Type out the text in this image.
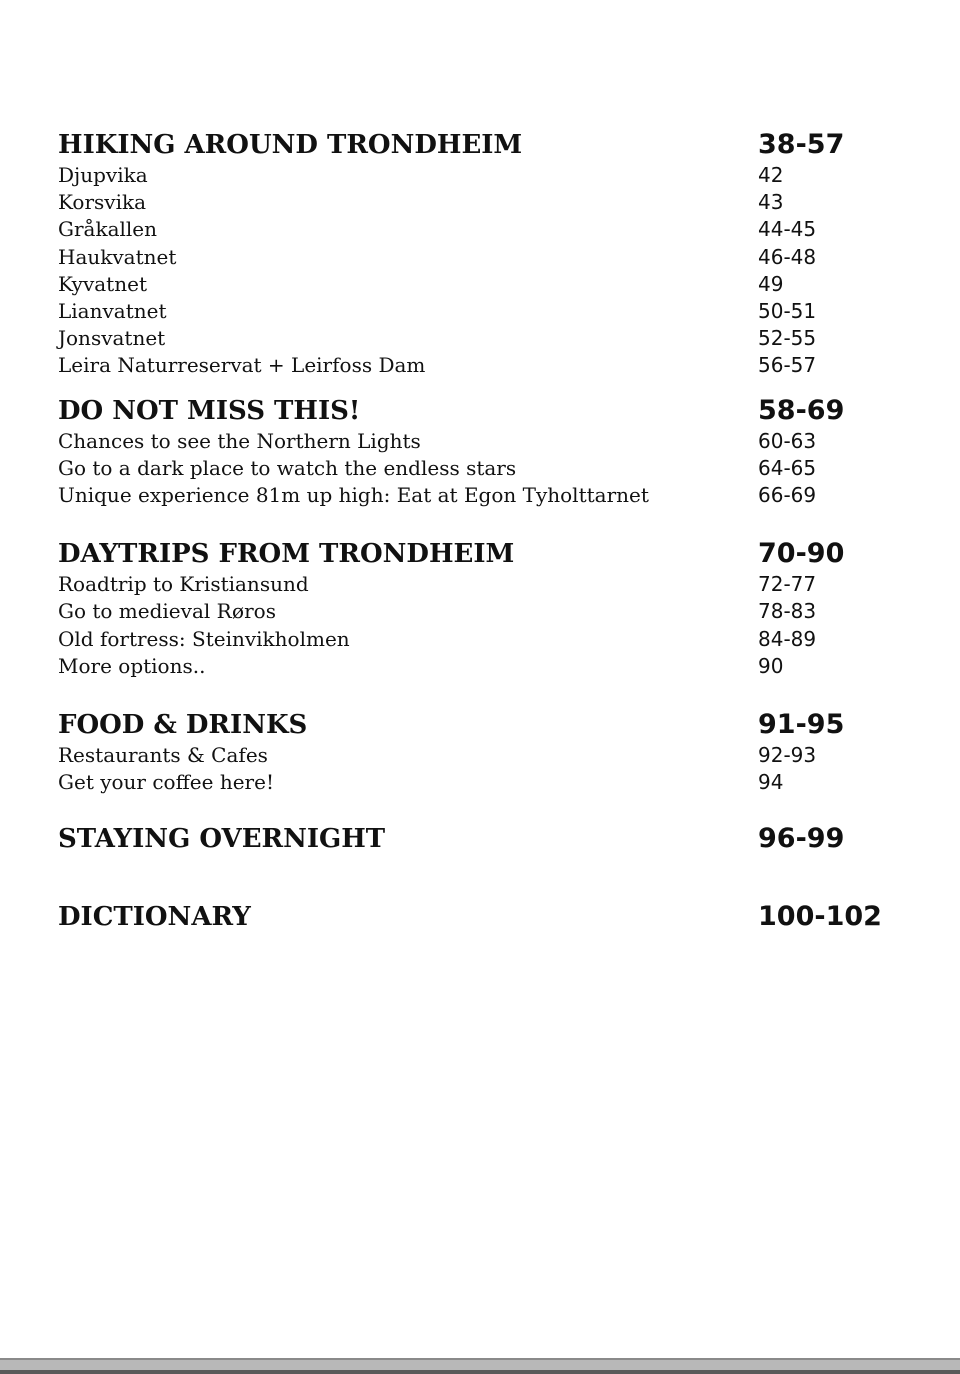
HIKING AROUND TRONDHEIM	38-57
Djupvika	42
Korsvika	43
Gråkallen	44-45
Haukvatnet	46-48
Kyvatnet	49
Lianvatnet	50-51
Jonsvatnet	52-55
Leira Naturreservat + Leirfoss Dam	56-57
DO NOT MISS THIS!	58-69
Chances to see the Northern Lights	60-63
Go to a dark place to watch the endless stars	64-65
Unique experience 81m up high: Eat at Egon Tyholttarnet	66-69
DAYTRIPS FROM TRONDHEIM	70-90
Roadtrip to Kristiansund	72-77
Go to medieval Røros	78-83
Old fortress: Steinvikholmen	84-89
More options..	90
FOOD & DRINKS	91-95
Restaurants & Cafes	92-93
Get your coffee here!	94
STAYING OVERNIGHT	96-99
DICTIONARY	100-102
